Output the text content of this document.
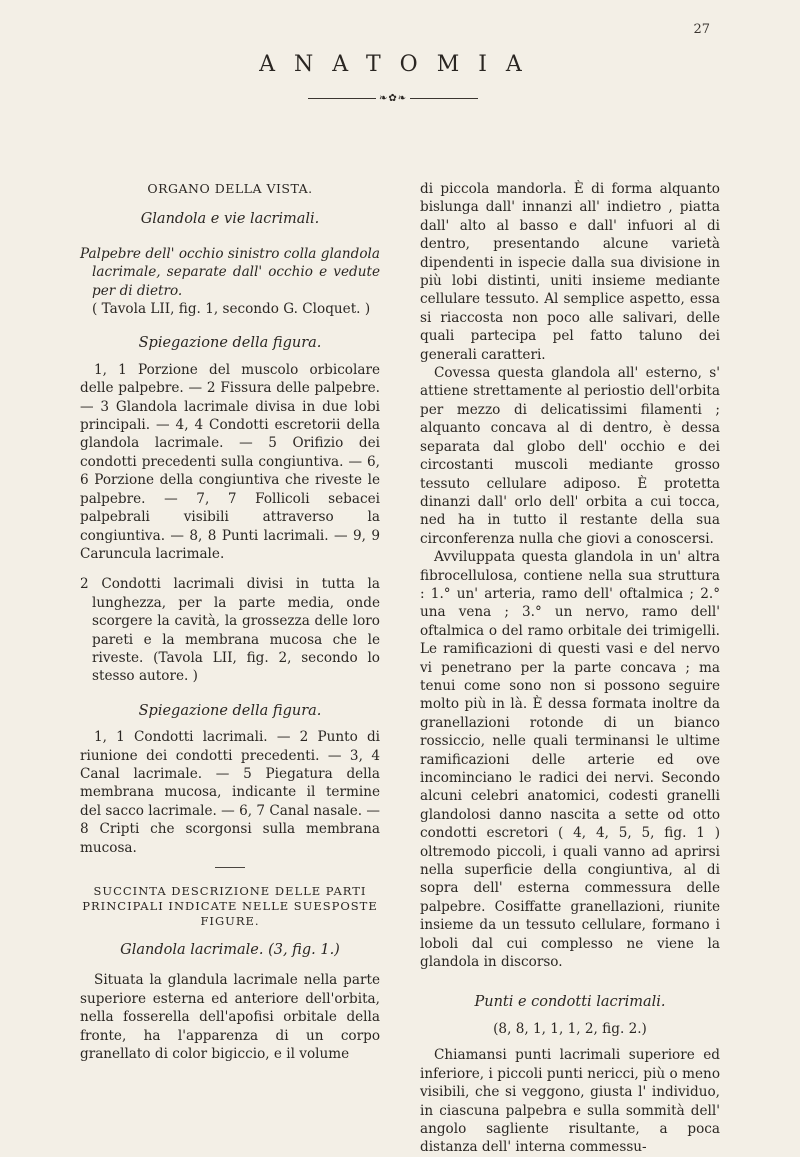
27
ANATOMIA
❧✿❧

ORGANO DELLA VISTA.

Glandola e vie lacrimali.

Palpebre dell' occhio sinistro colla glandola lacrimale, separate dall' occhio e vedute per di dietro.

( Tavola LII, fig. 1, secondo G. Cloquet. )

Spiegazione della figura.

1, 1 Porzione del muscolo orbicolare delle palpebre. — 2 Fissura delle palpebre. — 3 Glandola lacrimale divisa in due lobi principali. — 4, 4 Condotti escretorii della glandola lacrimale. — 5 Orifizio dei condotti precedenti sulla congiuntiva. — 6, 6 Porzione della congiuntiva che riveste le palpebre. — 7, 7 Follicoli sebacei palpebrali visibili attraverso la congiuntiva. — 8, 8 Punti lacrimali. — 9, 9 Caruncula lacrimale.

2 Condotti lacrimali divisi in tutta la lunghezza, per la parte media, onde scorgere la cavità, la grossezza delle loro pareti e la membrana mucosa che le riveste. (Tavola LII, fig. 2, secondo lo stesso autore. )

Spiegazione della figura.

1, 1 Condotti lacrimali. — 2 Punto di riunione dei condotti precedenti. — 3, 4 Canal lacrimale. — 5 Piegatura della membrana mucosa, indicante il termine del sacco lacrimale. — 6, 7 Canal nasale. — 8 Cripti che scorgonsi sulla membrana mucosa.

SUCCINTA DESCRIZIONE DELLE PARTI PRINCIPALI INDICATE NELLE SUESPOSTE FIGURE.

Glandola lacrimale. (3, fig. 1.)

Situata la glandula lacrimale nella parte superiore esterna ed anteriore dell'orbita, nella fosserella dell'apofisi orbitale della fronte, ha l'apparenza di un corpo granellato di color bigiccio, e il volume

di piccola mandorla. È di forma alquanto bislunga dall' innanzi all' indietro , piatta dall' alto al basso e dall' infuori al di dentro, presentando alcune varietà dipendenti in ispecie dalla sua divisione in più lobi distinti, uniti insieme mediante cellulare tessuto. Al semplice aspetto, essa si riaccosta non poco alle salivari, delle quali partecipa pel fatto taluno dei generali caratteri.

Covessa questa glandola all' esterno, s' attiene strettamente al periostio dell'orbita per mezzo di delicatissimi filamenti ; alquanto concava al di dentro, è dessa separata dal globo dell' occhio e dei circostanti muscoli mediante grosso tessuto cellulare adiposo. È protetta dinanzi dall' orlo dell' orbita a cui tocca, ned ha in tutto il restante della sua circonferenza nulla che giovi a conoscersi.

Avviluppata questa glandola in un' altra fibrocellulosa, contiene nella sua struttura : 1.° un' arteria, ramo dell' oftalmica ; 2.° una vena ; 3.° un nervo, ramo dell' oftalmica o del ramo orbitale dei trimigelli. Le ramificazioni di questi vasi e del nervo vi penetrano per la parte concava ; ma tenui come sono non si possono seguire molto più in là. È dessa formata inoltre da granellazioni rotonde di un bianco rossiccio, nelle quali terminansi le ultime ramificazioni delle arterie ed ove incominciano le radici dei nervi. Secondo alcuni celebri anatomici, codesti granelli glandolosi danno nascita a sette od otto condotti escretori ( 4, 4, 5, 5, fig. 1 ) oltremodo piccoli, i quali vanno ad aprirsi nella superficie della congiuntiva, al di sopra dell' esterna commessura delle palpebre. Cosiffatte granellazioni, riunite insieme da un tessuto cellulare, formano i loboli dal cui complesso ne viene la glandola in discorso.

Punti e condotti lacrimali.

(8, 8, 1, 1, 1, 2, fig. 2.)

Chiamansi punti lacrimali superiore ed inferiore, i piccoli punti nericci, più o meno visibili, che si veggono, giusta l' individuo, in ciascuna palpebra e sulla sommità dell' angolo sagliente risultante, a poca distanza dell' interna commessu-
